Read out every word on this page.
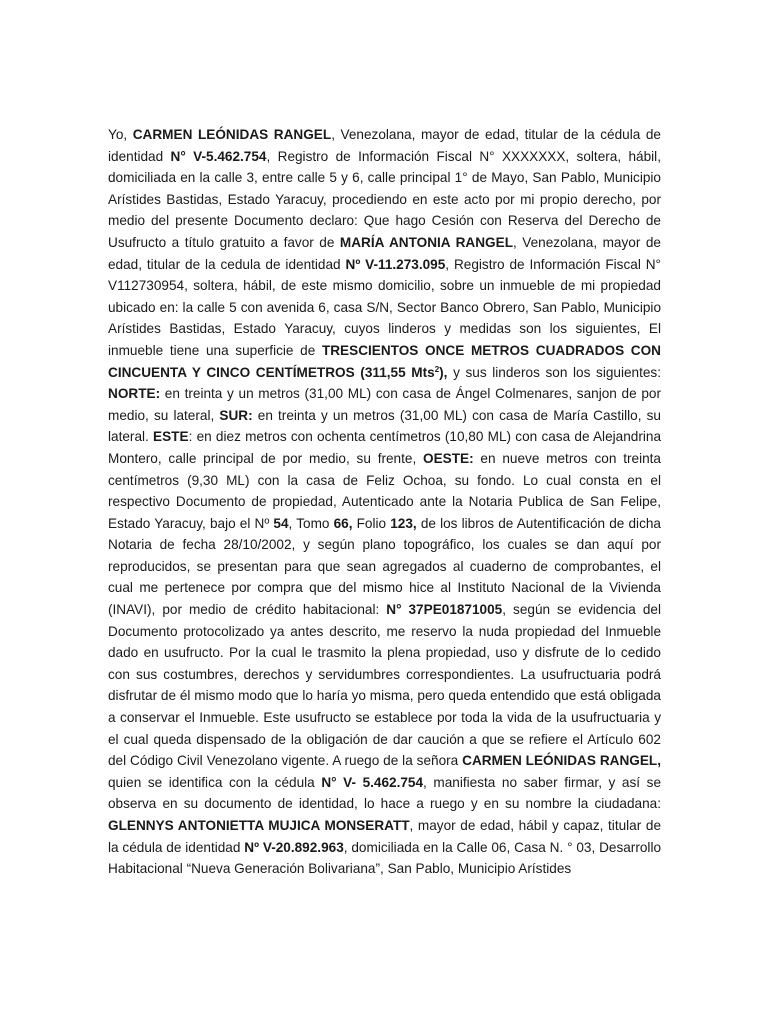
Yo, CARMEN LEÓNIDAS RANGEL, Venezolana, mayor de edad, titular de la cédula de identidad N° V-5.462.754, Registro de Información Fiscal N° XXXXXXX, soltera, hábil, domiciliada en la calle 3, entre calle 5 y 6, calle principal 1° de Mayo, San Pablo, Municipio Arístides Bastidas, Estado Yaracuy, procediendo en este acto por mi propio derecho, por medio del presente Documento declaro: Que hago Cesión con Reserva del Derecho de Usufructo a título gratuito a favor de MARÍA ANTONIA RANGEL, Venezolana, mayor de edad, titular de la cedula de identidad Nº V-11.273.095, Registro de Información Fiscal N° V112730954, soltera, hábil, de este mismo domicilio, sobre un inmueble de mi propiedad ubicado en: la calle 5 con avenida 6, casa S/N, Sector Banco Obrero, San Pablo, Municipio Arístides Bastidas, Estado Yaracuy, cuyos linderos y medidas son los siguientes, El inmueble tiene una superficie de TRESCIENTOS ONCE METROS CUADRADOS CON CINCUENTA Y CINCO CENTÍMETROS (311,55 Mts$^2$), y sus linderos son los siguientes: NORTE: en treinta y un metros (31,00 ML) con casa de Ángel Colmenares, sanjon de por medio, su lateral, SUR: en treinta y un metros (31,00 ML) con casa de María Castillo, su lateral. ESTE: en diez metros con ochenta centímetros (10,80 ML) con casa de Alejandrina Montero, calle principal de por medio, su frente, OESTE: en nueve metros con treinta centímetros (9,30 ML) con la casa de Feliz Ochoa, su fondo. Lo cual consta en el respectivo Documento de propiedad, Autenticado ante la Notaria Publica de San Felipe, Estado Yaracuy, bajo el Nº 54, Tomo 66, Folio 123, de los libros de Autentificación de dicha Notaria de fecha 28/10/2002, y según plano topográfico, los cuales se dan aquí por reproducidos, se presentan para que sean agregados al cuaderno de comprobantes, el cual me pertenece por compra que del mismo hice al Instituto Nacional de la Vivienda (INAVI), por medio de crédito habitacional: N° 37PE01871005, según se evidencia del Documento protocolizado ya antes descrito, me reservo la nuda propiedad del Inmueble dado en usufructo. Por la cual le trasmito la plena propiedad, uso y disfrute de lo cedido con sus costumbres, derechos y servidumbres correspondientes. La usufructuaria podrá disfrutar de él mismo modo que lo haría yo misma, pero queda entendido que está obligada a conservar el Inmueble. Este usufructo se establece por toda la vida de la usufructuaria y el cual queda dispensado de la obligación de dar caución a que se refiere el Artículo 602 del Código Civil Venezolano vigente. A ruego de la señora CARMEN LEÓNIDAS RANGEL, quien se identifica con la cédula N° V- 5.462.754, manifiesta no saber firmar, y así se observa en su documento de identidad, lo hace a ruego y en su nombre la ciudadana: GLENNYS ANTONIETTA MUJICA MONSERATT, mayor de edad, hábil y capaz, titular de la cédula de identidad Nº V-20.892.963, domiciliada en la Calle 06, Casa N. ° 03, Desarrollo Habitacional “Nueva Generación Bolivariana”, San Pablo, Municipio Arístides
